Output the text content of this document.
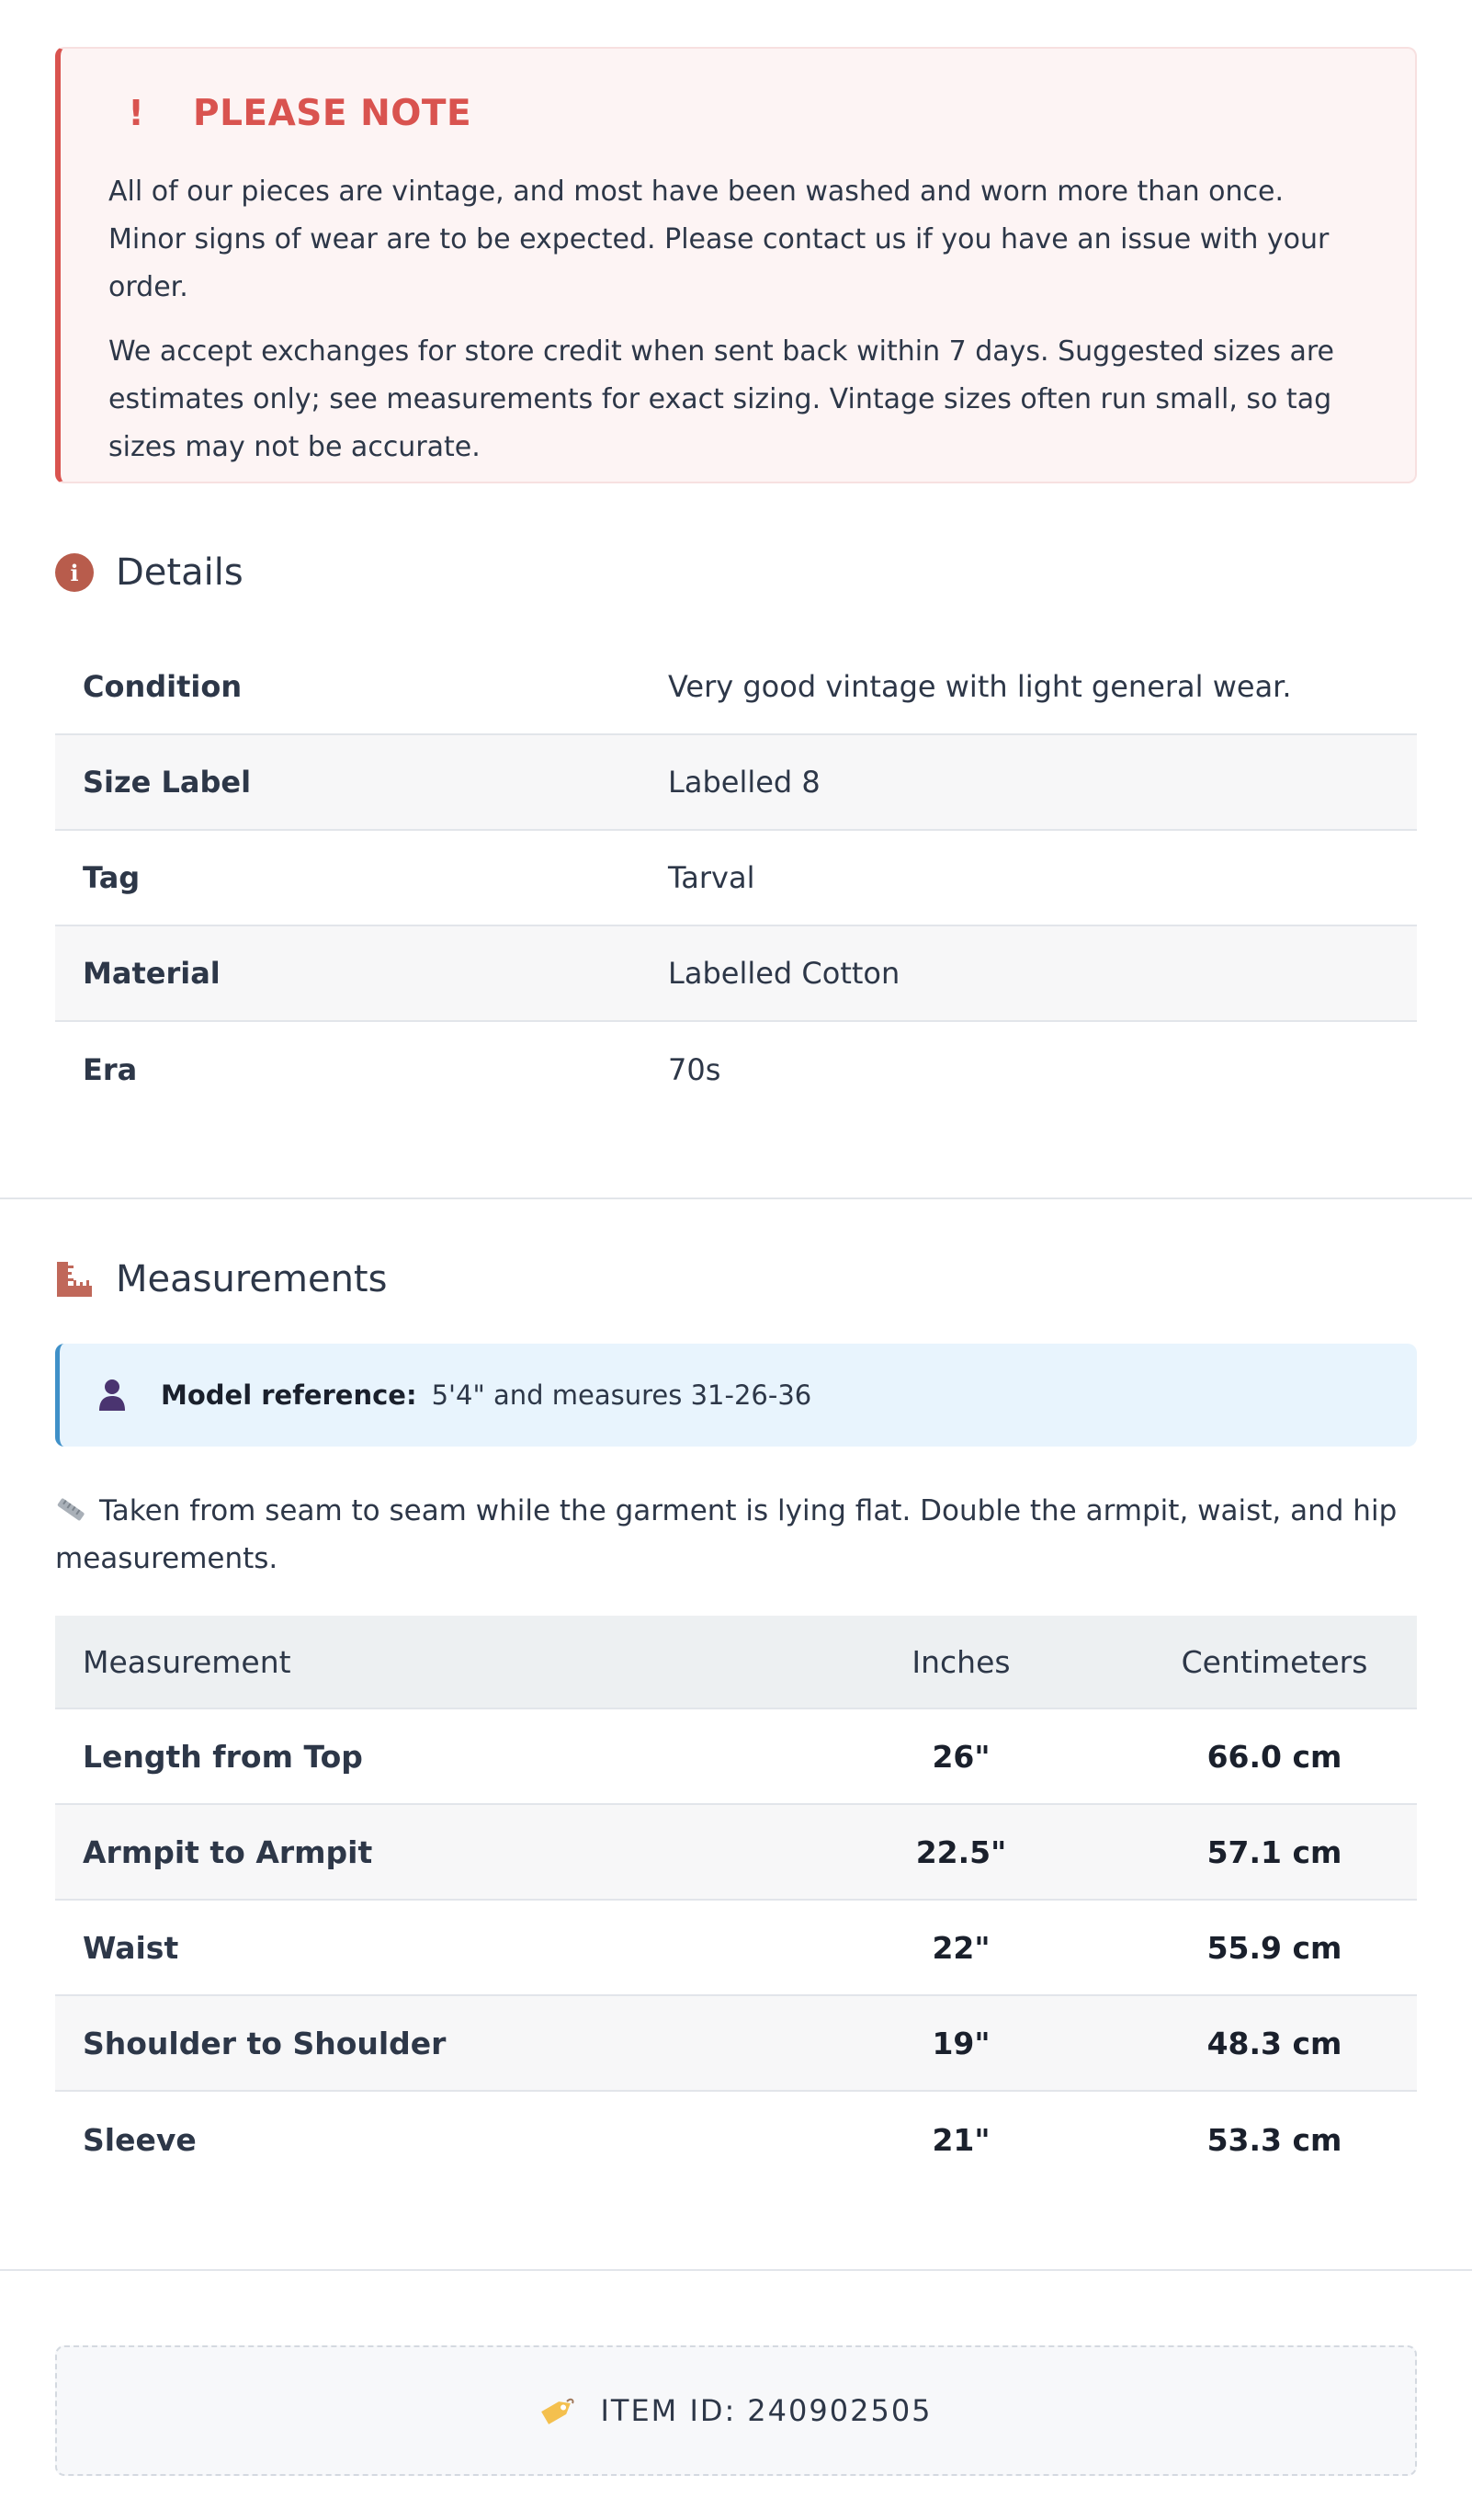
! PLEASE NOTE

All of our pieces are vintage, and most have been washed and worn more than once. Minor signs of wear are to be expected. Please contact us if you have an issue with your order.

We accept exchanges for store credit when sent back within 7 days. Suggested sizes are estimates only; see measurements for exact sizing. Vintage sizes often run small, so tag sizes may not be accurate.

i	Details
Condition	Very good vintage with light general wear.
Size Label	Labelled 8
Tag	Tarval
Material	Labelled Cotton
Era	70s
Measurements
Model reference: 5'4" and measures 31-26-36
Taken from seam to seam while the garment is lying flat. Double the armpit, waist, and hip measurements.
Measurement	Inches	Centimeters
Length from Top	26"	66.0 cm
Armpit to Armpit	22.5"	57.1 cm
Waist	22"	55.9 cm
Shoulder to Shoulder	19"	48.3 cm
Sleeve	21"	53.3 cm
ITEM ID: 240902505
